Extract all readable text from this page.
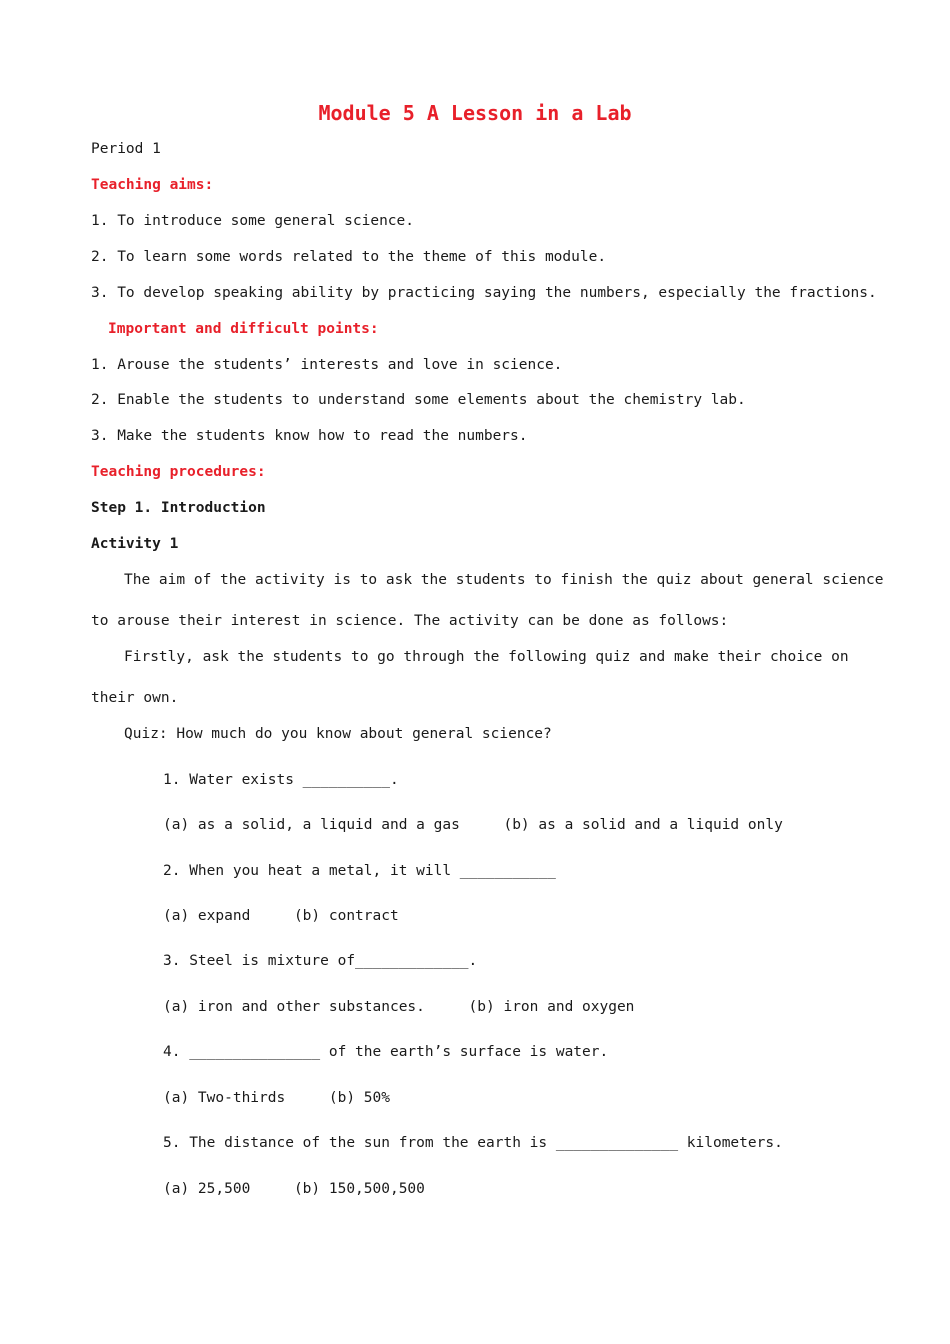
Module 5 A Lesson in a Lab
Period 1
Teaching aims:
1. To introduce some general science.
2. To learn some words related to the theme of this module.
3. To develop speaking ability by practicing saying the numbers, especially the fractions.
Important and difficult points:
1. Arouse the students’ interests and love in science.
2. Enable the students to understand some elements about the chemistry lab.
3. Make the students know how to read the numbers.
Teaching procedures:
Step 1. Introduction
Activity 1
The aim of the activity is to ask the students to finish the quiz about general science
to arouse their interest in science. The activity can be done as follows:
Firstly, ask the students to go through the following quiz and make their choice on
their own.
Quiz: How much do you know about general science?
1. Water exists __________.
(a) as a solid, a liquid and a gas     (b) as a solid and a liquid only
2. When you heat a metal, it will ___________
(a) expand     (b) contract
3. Steel is mixture of_____________.
(a) iron and other substances.     (b) iron and oxygen
4. _______________ of the earth’s surface is water.
(a) Two-thirds     (b) 50%
5. The distance of the sun from the earth is ______________ kilometers.
(a) 25,500     (b) 150,500,500
